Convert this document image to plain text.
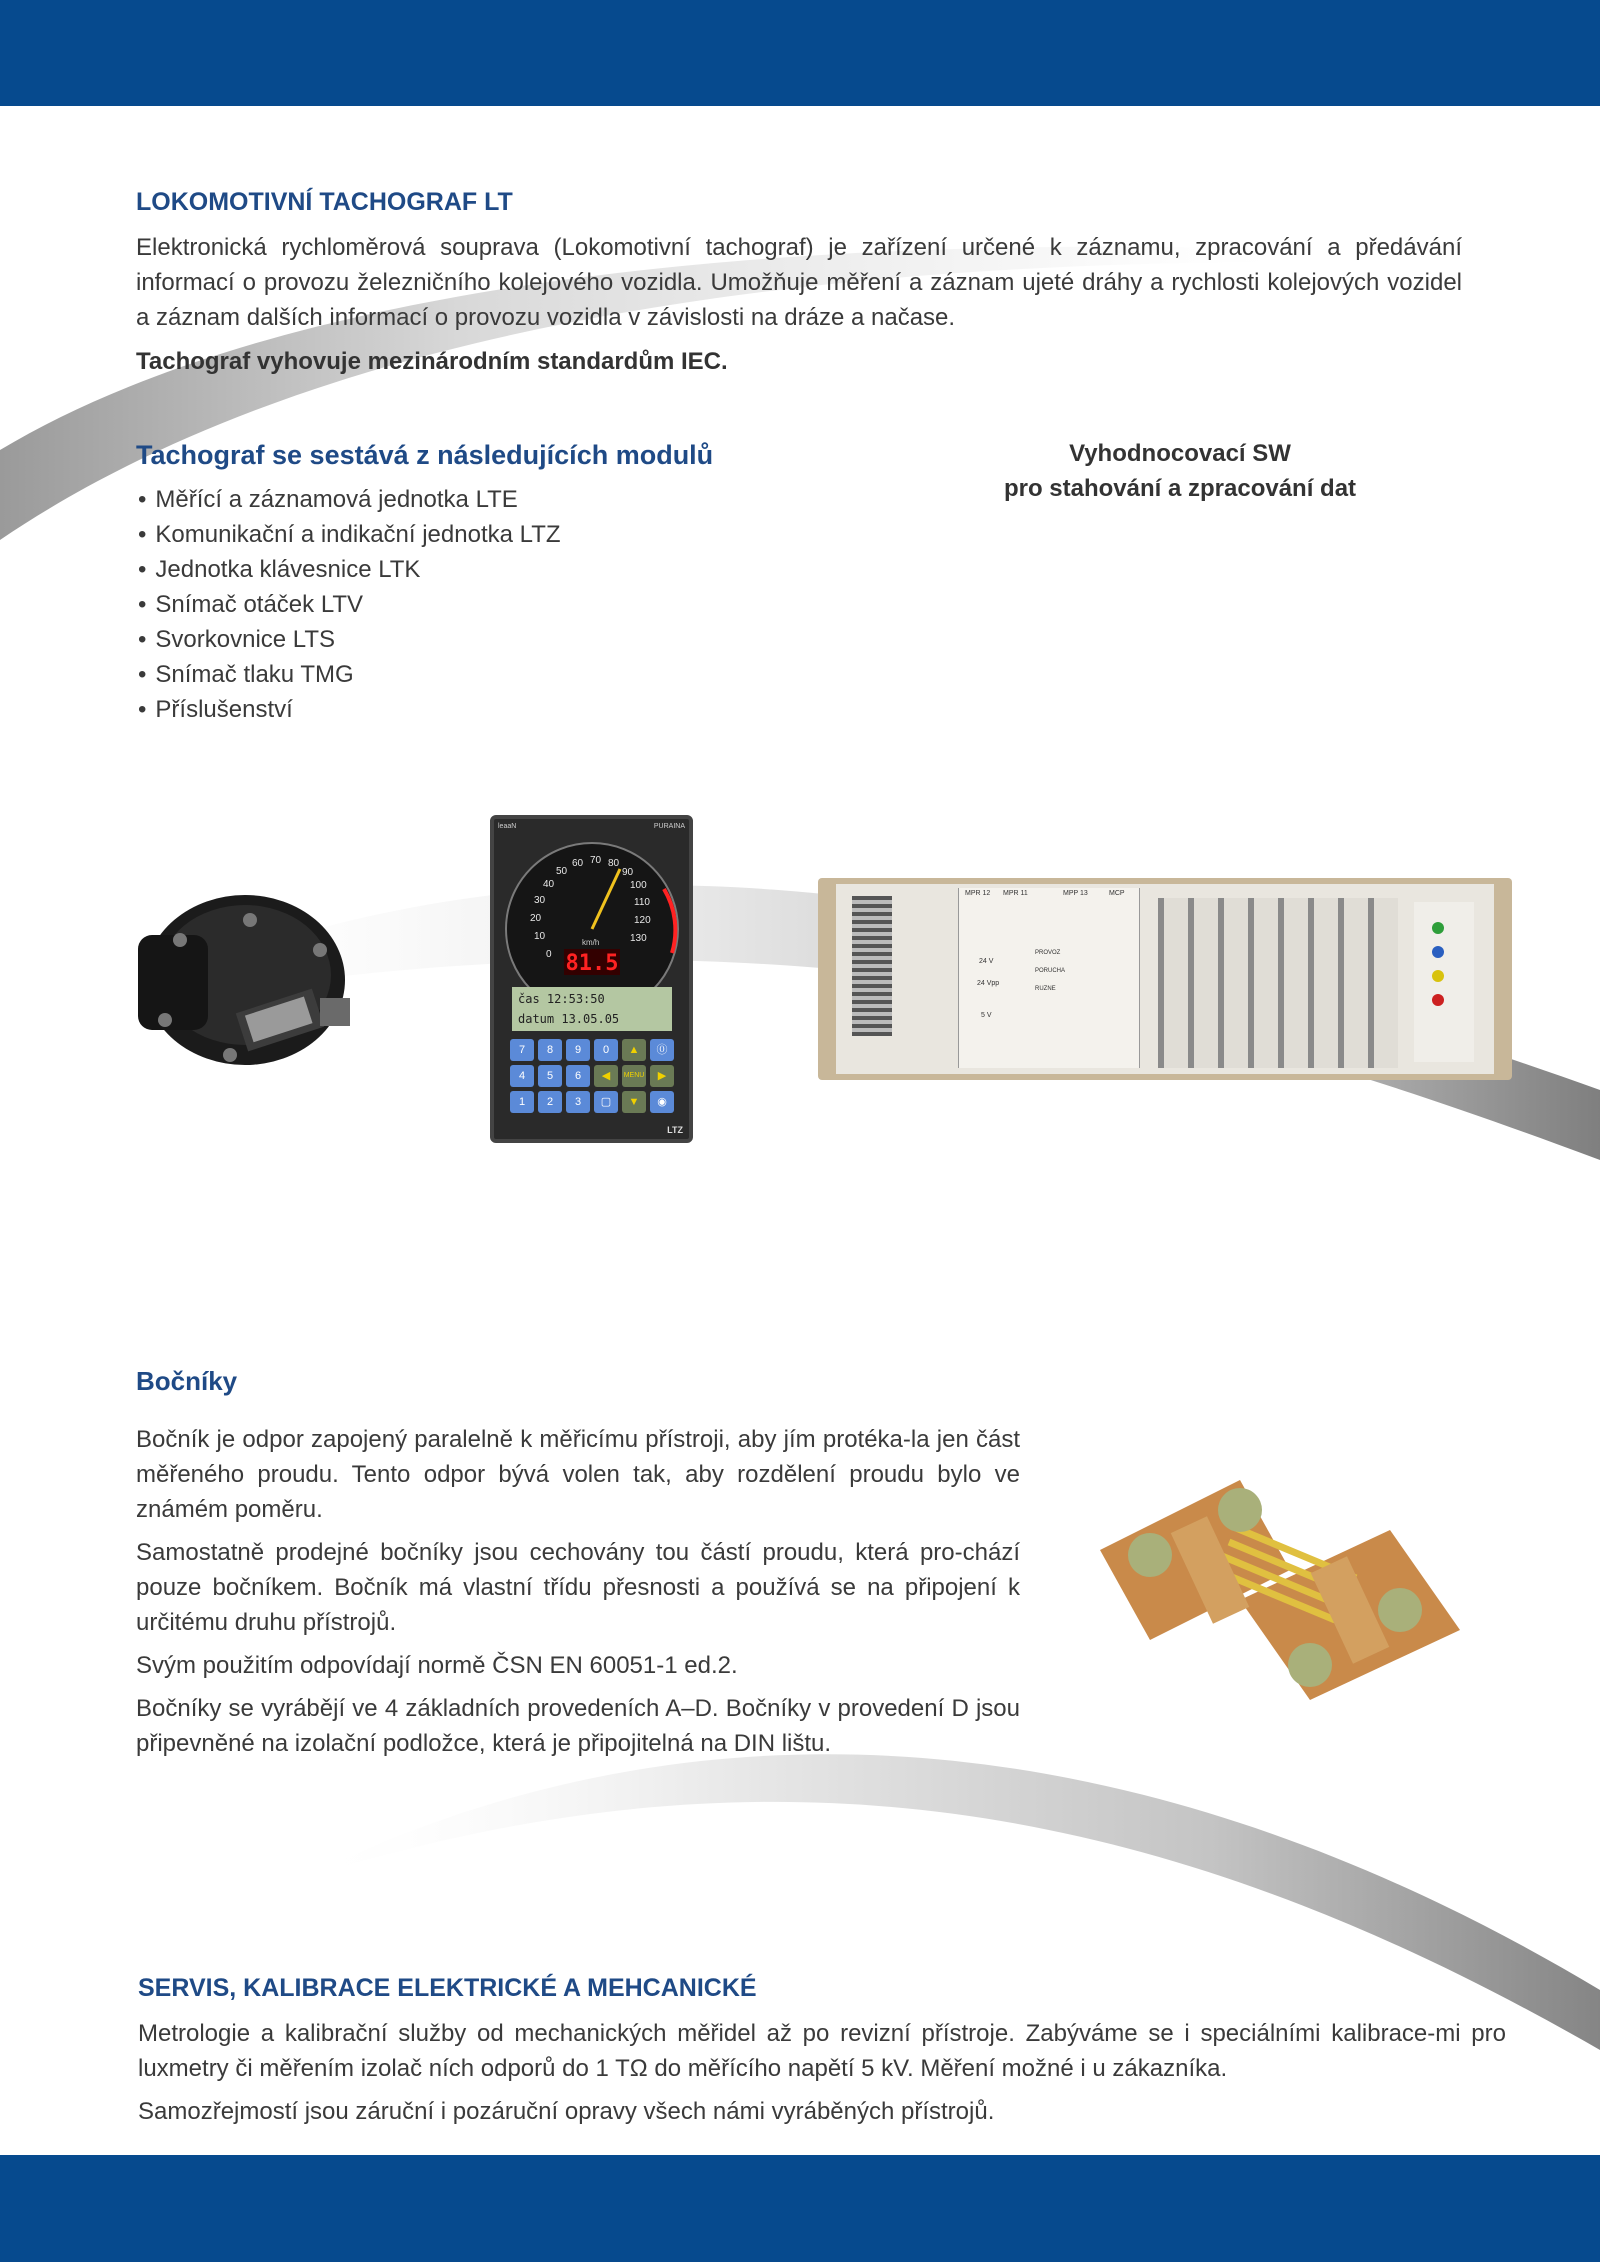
LOKOMOTIVNÍ TACHOGRAF LT

Elektronická rychloměrová souprava (Lokomotivní tachograf) je zařízení určené k záznamu, zpracování a předávání informací o provozu železničního kolejového vozidla. Umožňuje měření a záznam ujeté dráhy a rychlosti kolejových vozidel a záznam dalších informací o provozu vozidla v závislosti na dráze a načase.

Tachograf vyhovuje mezinárodním standardům IEC.

Tachograf se sestává z následujících modulů
• Měřící a záznamová jednotka LTE
• Komunikační a indikační jednotka LTZ
• Jednotka klávesnice LTK
• Snímač otáček LTV
• Svorkovnice LTS
• Snímač tlaku TMG
• Příslušenství
Vyhodnocovací SW
pro stahování a zpracování dat
leaaN	PURAINA
0
10
20
30
40
50
60 70 80
90
100
110
120
130
km/h
81.5
čas 12:53:50
datum 13.05.05
7	8	9	0	▲	⓪
4	5	6	◀	MENU	▶
1	2	3	▢	▼	◉
LTZ
MPR 12 MPR 11	MPP 13	MCP
24 V
24 Vpp
5 V
PROVOZ
PORUCHA
RUZNE
Bočníky

Bočník je odpor zapojený paralelně k měřicímu přístroji, aby jím protéka-la jen část měřeného proudu. Tento odpor bývá volen tak, aby rozdělení proudu bylo ve známém poměru.

Samostatně prodejné bočníky jsou cechovány tou částí proudu, která pro-chází pouze bočníkem. Bočník má vlastní třídu přesnosti a používá se na připojení k určitému druhu přístrojů.

Svým použitím odpovídají normě ČSN EN 60051-1 ed.2.

Bočníky se vyrábějí ve 4 základních provedeních A–D. Bočníky v provedení D jsou připevněné na izolační podložce, která je připojitelná na DIN lištu.

SERVIS, KALIBRACE ELEKTRICKÉ A MEHCANICKÉ

Metrologie a kalibrační služby od mechanických měřidel až po revizní přístroje. Zabýváme se i speciálními kalibrace-mi pro luxmetry či měřením izolač ních odporů do 1 TΩ do měřícího napětí 5 kV. Měření možné i u zákazníka.

Samozřejmostí jsou záruční i pozáruční opravy všech námi vyráběných přístrojů.
